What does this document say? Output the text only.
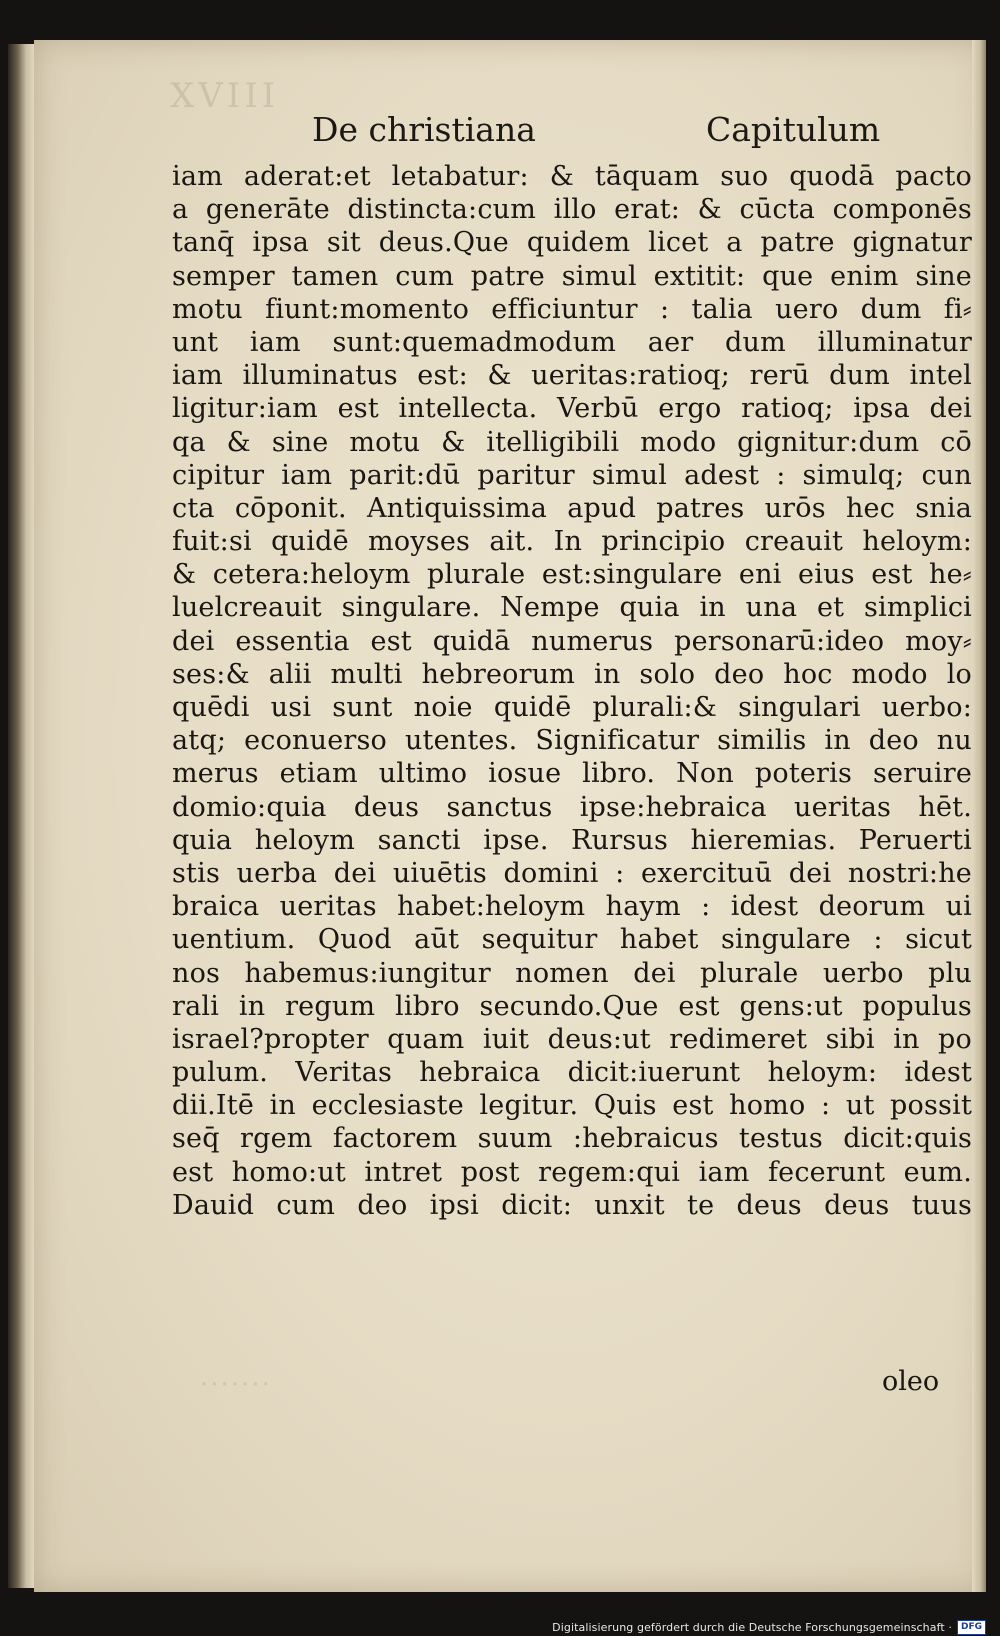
XVIII
·······
De christiana	Capitulum
iam aderat:et letabatur: & tāquam suo quodā pacto
a generāte distincta:cum illo erat: & cūcta componēs
tanq̄ ipsa sit deus.Que quidem licet a patre gignatur
semper tamen cum patre simul extitit: que enim sine
motu fiunt:momento efficiuntur : talia uero dum fi⸗
unt iam sunt:quemadmodum aer dum illuminatur
iam illuminatus est: & ueritas:ratioq; rerū dum intel
ligitur:iam est intellecta. Verbū ergo ratioq; ipsa dei
qa & sine motu & itelligibili modo gignitur:dum cō
cipitur iam parit:dū paritur simul adest : simulq; cun
cta cōponit. Antiquissima apud patres urōs hec snia
fuit:si quidē moyses ait. In principio creauit heloym:
& cetera:heloym plurale est:singulare eni eius est he⸗
luelcreauit singulare. Nempe quia in una et simplici
dei essentia est quidā numerus personarū:ideo moy⸗
ses:& alii multi hebreorum in solo deo hoc modo lo
quēdi usi sunt noie quidē plurali:& singulari uerbo:
atq; econuerso utentes. Significatur similis in deo nu
merus etiam ultimo iosue libro. Non poteris seruire
domio:quia deus sanctus ipse:hebraica ueritas hēt.
quia heloym sancti ipse. Rursus hieremias. Peruerti
stis uerba dei uiuētis domini : exercituū dei nostri:he
braica ueritas habet:heloym haym : idest deorum ui
uentium. Quod aūt sequitur habet singulare : sicut
nos habemus:iungitur nomen dei plurale uerbo plu
rali in regum libro secundo.Que est gens:ut populus
israel?propter quam iuit deus:ut redimeret sibi in po
pulum. Veritas hebraica dicit:iuerunt heloym: idest
dii.Itē in ecclesiaste legitur. Quis est homo : ut possit
seq̄ rgem factorem suum :hebraicus testus dicit:quis
est homo:ut intret post regem:qui iam fecerunt eum.
Dauid cum deo ipsi dicit: unxit te deus deus tuus
oleo
Digitalisierung gefördert durch die Deutsche Forschungsgemeinschaft ·	DFG
